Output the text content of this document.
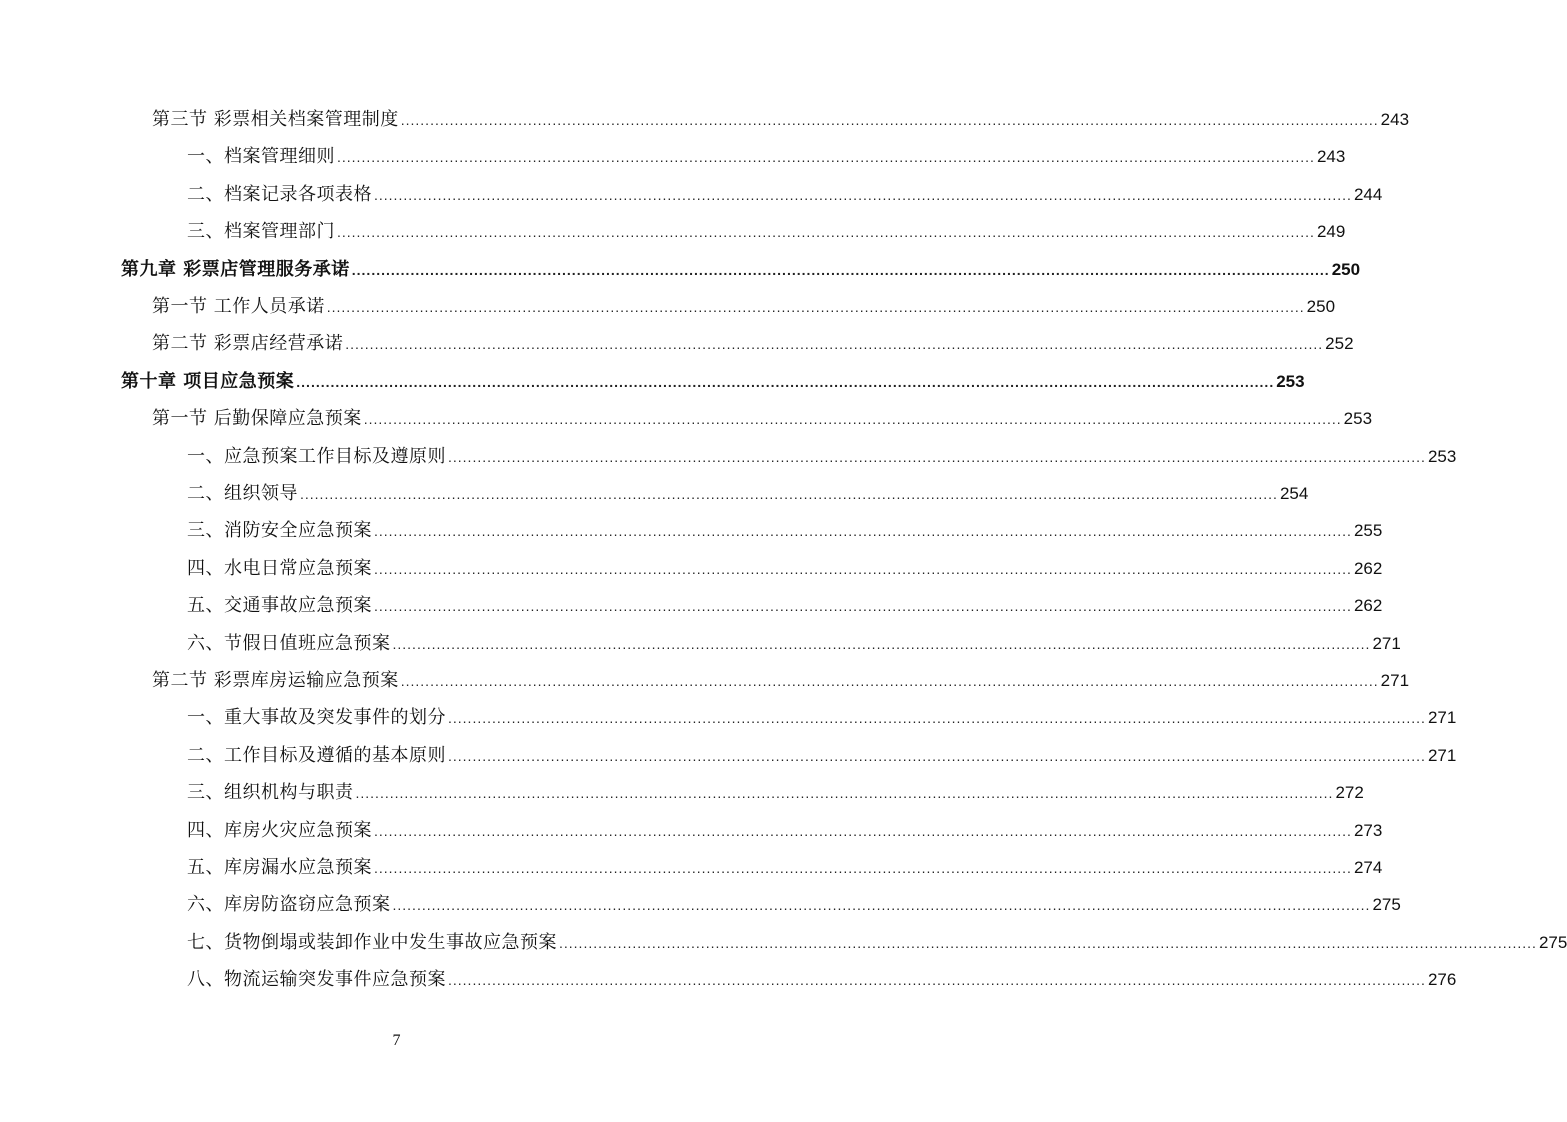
第三节 彩票相关档案管理制度 ........................................................................................................................................................................................................ 243
一、档案管理细则 ........................................................................................................................................................................................................ 243
二、档案记录各项表格 ........................................................................................................................................................................................................ 244
三、档案管理部门 ........................................................................................................................................................................................................ 249
第九章 彩票店管理服务承诺 ........................................................................................................................................................................................................ 250
第一节 工作人员承诺 ........................................................................................................................................................................................................ 250
第二节 彩票店经营承诺 ........................................................................................................................................................................................................ 252
第十章 项目应急预案 ........................................................................................................................................................................................................ 253
第一节 后勤保障应急预案 ........................................................................................................................................................................................................ 253
一、应急预案工作目标及遵原则 ........................................................................................................................................................................................................ 253
二、组织领导 ........................................................................................................................................................................................................ 254
三、消防安全应急预案 ........................................................................................................................................................................................................ 255
四、水电日常应急预案 ........................................................................................................................................................................................................ 262
五、交通事故应急预案 ........................................................................................................................................................................................................ 262
六、节假日值班应急预案 ........................................................................................................................................................................................................ 271
第二节 彩票库房运输应急预案 ........................................................................................................................................................................................................ 271
一、重大事故及突发事件的划分 ........................................................................................................................................................................................................ 271
二、工作目标及遵循的基本原则 ........................................................................................................................................................................................................ 271
三、组织机构与职责 ........................................................................................................................................................................................................ 272
四、库房火灾应急预案 ........................................................................................................................................................................................................ 273
五、库房漏水应急预案 ........................................................................................................................................................................................................ 274
六、库房防盗窃应急预案 ........................................................................................................................................................................................................ 275
七、货物倒塌或装卸作业中发生事故应急预案 ........................................................................................................................................................................................................ 275
八、物流运输突发事件应急预案 ........................................................................................................................................................................................................ 276
7
